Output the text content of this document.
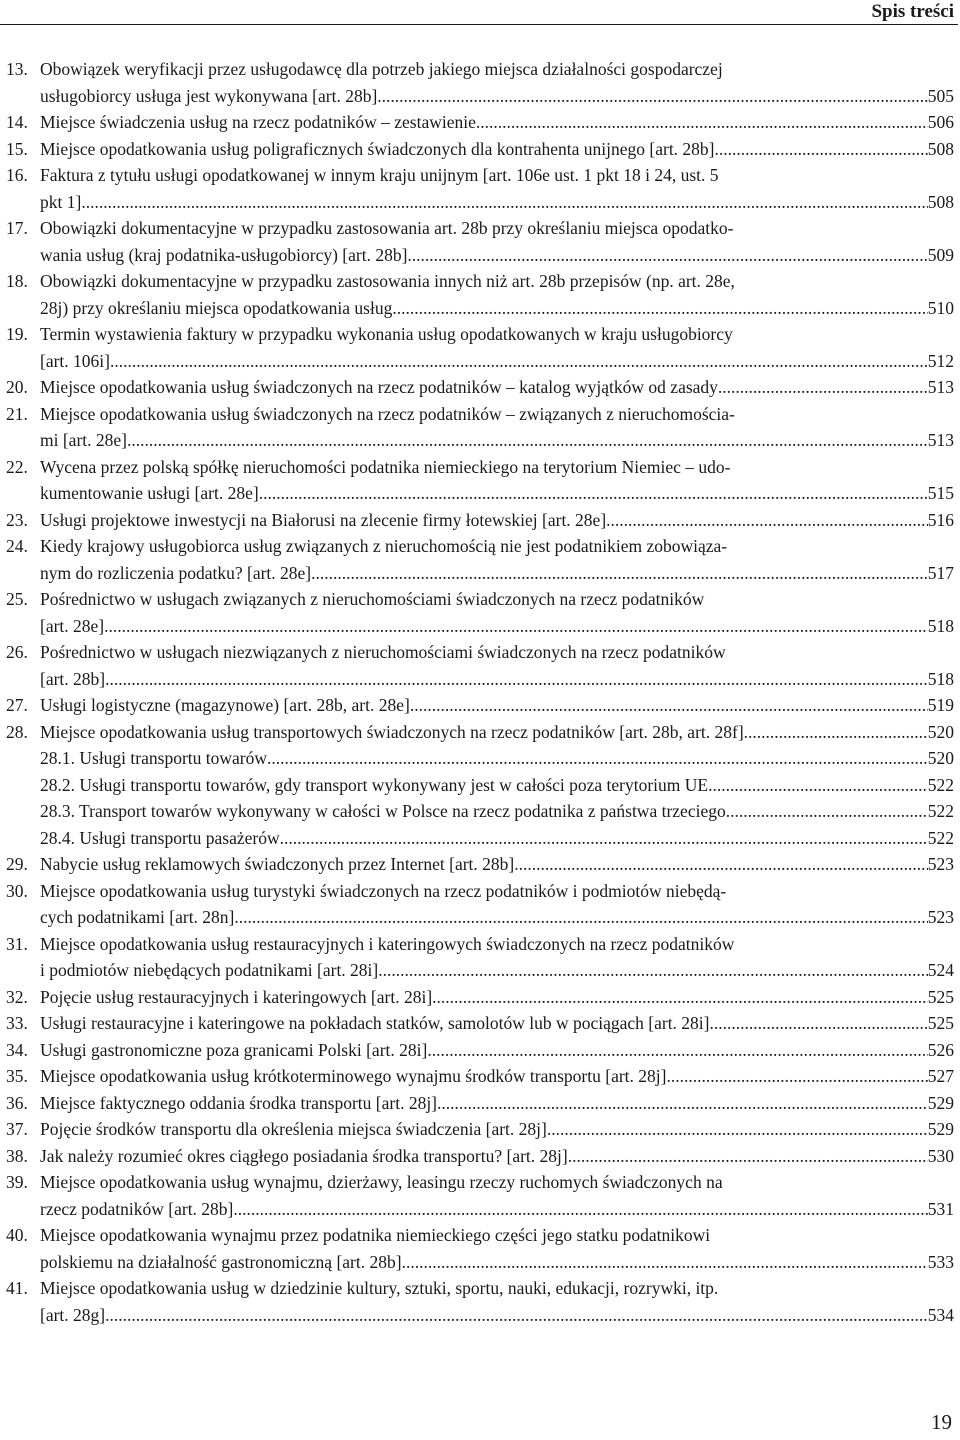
Spis treści
13. Obowiązek weryfikacji przez usługodawcę dla potrzeb jakiego miejsca działalności gospodarczej
usługobiorcy usługa jest wykonywana [art. 28b] .....	505
14. Miejsce świadczenia usług na rzecz podatników – zestawienie .....	506
15. Miejsce opodatkowania usług poligraficznych świadczonych dla kontrahenta unijnego [art. 28b] .....	508
16. Faktura z tytułu usługi opodatkowanej w innym kraju unijnym [art. 106e ust. 1 pkt 18 i 24, ust. 5
pkt 1] .....	508
17. Obowiązki dokumentacyjne w przypadku zastosowania art. 28b przy określaniu miejsca opodatko-
wania usług (kraj podatnika-usługobiorcy) [art. 28b] .....	509
18. Obowiązki dokumentacyjne w przypadku zastosowania innych niż art. 28b przepisów (np. art. 28e,
28j) przy określaniu miejsca opodatkowania usług .....	510
19. Termin wystawienia faktury w przypadku wykonania usług opodatkowanych w kraju usługobiorcy
[art. 106i] .....	512
20. Miejsce opodatkowania usług świadczonych na rzecz podatników – katalog wyjątków od zasady .....	513
21. Miejsce opodatkowania usług świadczonych na rzecz podatników – związanych z nieruchomościa-
mi [art. 28e] .....	513
22. Wycena przez polską spółkę nieruchomości podatnika niemieckiego na terytorium Niemiec – udo-
kumentowanie usługi [art. 28e] .....	515
23. Usługi projektowe inwestycji na Białorusi na zlecenie firmy łotewskiej [art. 28e] .....	516
24. Kiedy krajowy usługobiorca usług związanych z nieruchomością nie jest podatnikiem zobowiąza-
nym do rozliczenia podatku? [art. 28e] .....	517
25. Pośrednictwo w usługach związanych z nieruchomościami świadczonych na rzecz podatników
[art. 28e] .....	518
26. Pośrednictwo w usługach niezwiązanych z nieruchomościami świadczonych na rzecz podatników
[art. 28b] .....	518
27. Usługi logistyczne (magazynowe) [art. 28b, art. 28e] .....	519
28. Miejsce opodatkowania usług transportowych świadczonych na rzecz podatników [art. 28b, art. 28f] .....	520
28.1. Usługi transportu towarów .....	520
28.2. Usługi transportu towarów, gdy transport wykonywany jest w całości poza terytorium UE .....	522
28.3. Transport towarów wykonywany w całości w Polsce na rzecz podatnika z państwa trzeciego .....	522
28.4. Usługi transportu pasażerów .....	522
29. Nabycie usług reklamowych świadczonych przez Internet [art. 28b] .....	523
30. Miejsce opodatkowania usług turystyki świadczonych na rzecz podatników i podmiotów niebędą-
cych podatnikami [art. 28n] .....	523
31. Miejsce opodatkowania usług restauracyjnych i kateringowych świadczonych na rzecz podatników
i podmiotów niebędących podatnikami [art. 28i] .....	524
32. Pojęcie usług restauracyjnych i kateringowych [art. 28i] .....	525
33. Usługi restauracyjne i kateringowe na pokładach statków, samolotów lub w pociągach [art. 28i] .....	525
34. Usługi gastronomiczne poza granicami Polski [art. 28i] .....	526
35. Miejsce opodatkowania usług krótkoterminowego wynajmu środków transportu [art. 28j] .....	527
36. Miejsce faktycznego oddania środka transportu [art. 28j] .....	529
37. Pojęcie środków transportu dla określenia miejsca świadczenia [art. 28j] .....	529
38. Jak należy rozumieć okres ciągłego posiadania środka transportu? [art. 28j] .....	530
39. Miejsce opodatkowania usług wynajmu, dzierżawy, leasingu rzeczy ruchomych świadczonych na
rzecz podatników [art. 28b] .....	531
40. Miejsce opodatkowania wynajmu przez podatnika niemieckiego części jego statku podatnikowi
polskiemu na działalność gastronomiczną [art. 28b] .....	533
41. Miejsce opodatkowania usług w dziedzinie kultury, sztuki, sportu, nauki, edukacji, rozrywki, itp.
[art. 28g] .....	534
19
